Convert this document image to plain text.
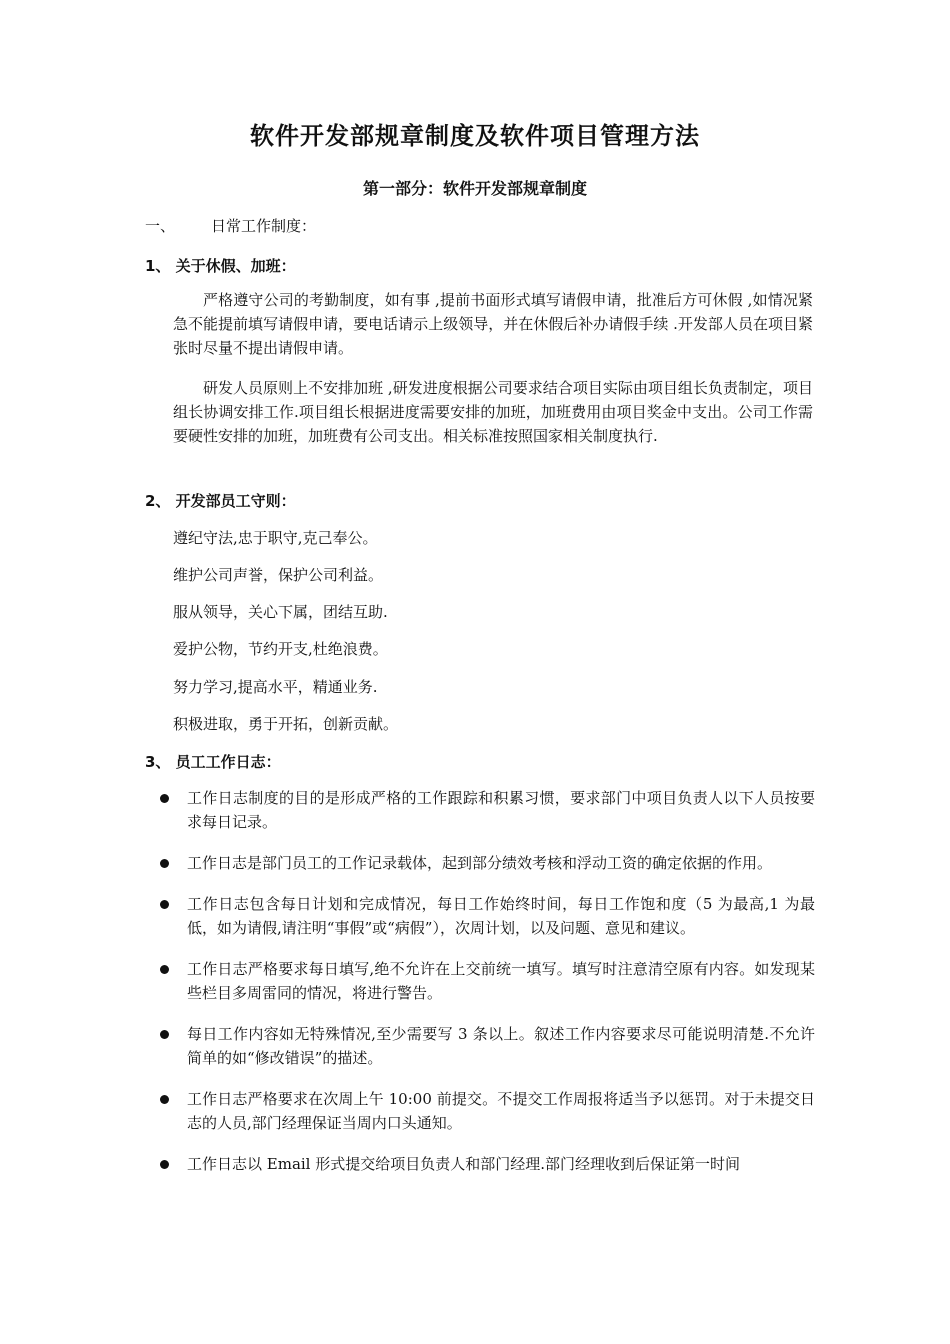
软件开发部规章制度及软件项目管理方法
第一部分：软件开发部规章制度
一、 日常工作制度：
1、 关于休假、加班：
严格遵守公司的考勤制度，如有事 ,提前书面形式填写请假申请，批准后方可休假 ,如情况紧急不能提前填写请假申请，要电话请示上级领导，并在休假后补办请假手续 .开发部人员在项目紧张时尽量不提出请假申请。
研发人员原则上不安排加班 ,研发进度根据公司要求结合项目实际由项目组长负责制定，项目组长协调安排工作.项目组长根据进度需要安排的加班，加班费用由项目奖金中支出。公司工作需要硬性安排的加班，加班费有公司支出。相关标准按照国家相关制度执行.
2、 开发部员工守则：
遵纪守法,忠于职守,克己奉公。
维护公司声誉，保护公司利益。
服从领导，关心下属，团结互助.
爱护公物，节约开支,杜绝浪费。
努力学习,提高水平，精通业务.
积极进取，勇于开拓，创新贡献。
3、 员工工作日志：
工作日志制度的目的是形成严格的工作跟踪和积累习惯，要求部门中项目负责人以下人员按要求每日记录。
工作日志是部门员工的工作记录载体，起到部分绩效考核和浮动工资的确定依据的作用。
工作日志包含每日计划和完成情况，每日工作始终时间，每日工作饱和度（5 为最高,1 为最低，如为请假,请注明“事假”或“病假”），次周计划，以及问题、意见和建议。
工作日志严格要求每日填写,绝不允许在上交前统一填写。填写时注意清空原有内容。如发现某些栏目多周雷同的情况，将进行警告。
每日工作内容如无特殊情况,至少需要写 3 条以上。叙述工作内容要求尽可能说明清楚.不允许简单的如“修改错误”的描述。
工作日志严格要求在次周上午 10:00 前提交。不提交工作周报将适当予以惩罚。对于未提交日志的人员,部门经理保证当周内口头通知。
工作日志以 Email 形式提交给项目负责人和部门经理.部门经理收到后保证第一时间
